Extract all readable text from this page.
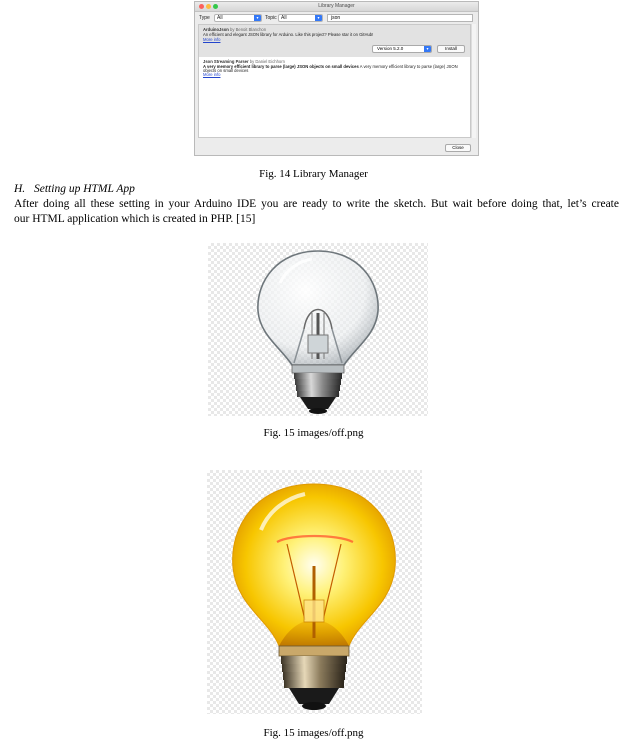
Library Manager
Type	All	▾	Topic All	▾	json
ArduinoJson by Benoit Blanchon
An efficient and elegant JSON library for Arduino. Like this project? Please star it on GitHub!
More info
Version 5.2.0	▾	Install
Json Streaming Parser by Daniel Eichhorn
A very memory efficient library to parse (large) JSON objects on small devices A very memory efficient library to parse (large) JSON
objects on small devices
More info
Close
Fig. 14 Library Manager
H. Setting up HTML App
After doing all these setting in your Arduino IDE you are ready to write the sketch. But wait before doing that, let’s create
our HTML application which is created in PHP. [15]
Fig. 15 images/off.png
Fig. 15 images/off.png
